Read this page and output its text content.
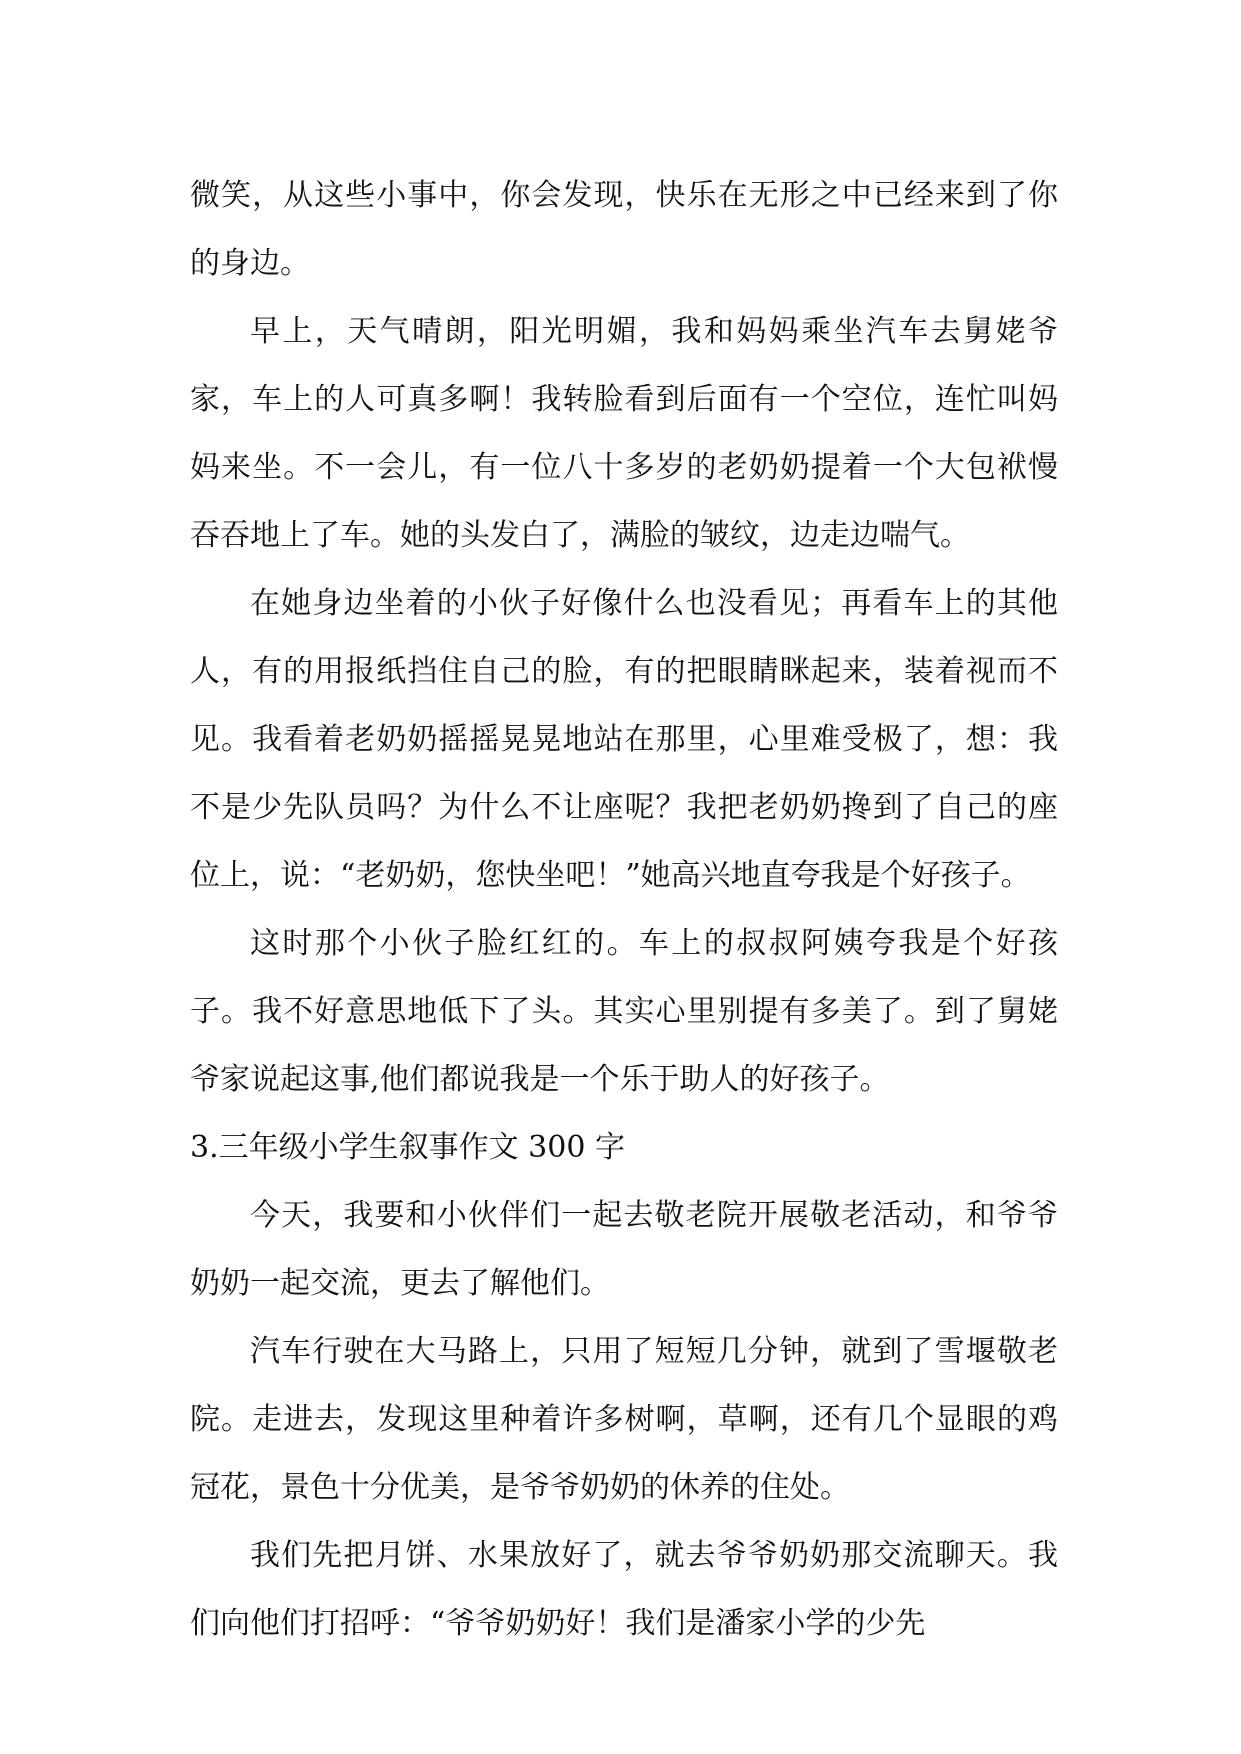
微笑，从这些小事中，你会发现，快乐在无形之中已经来到了你的身边。

早上，天气晴朗，阳光明媚，我和妈妈乘坐汽车去舅姥爷家，车上的人可真多啊！我转脸看到后面有一个空位，连忙叫妈妈来坐。不一会儿，有一位八十多岁的老奶奶提着一个大包袱慢吞吞地上了车。她的头发白了，满脸的皱纹，边走边喘气。

在她身边坐着的小伙子好像什么也没看见；再看车上的其他人，有的用报纸挡住自己的脸，有的把眼睛眯起来，装着视而不见。我看着老奶奶摇摇晃晃地站在那里，心里难受极了，想：我不是少先队员吗？为什么不让座呢？我把老奶奶搀到了自己的座位上，说：“老奶奶，您快坐吧！”她高兴地直夸我是个好孩子。

这时那个小伙子脸红红的。车上的叔叔阿姨夸我是个好孩子。我不好意思地低下了头。其实心里别提有多美了。到了舅姥爷家说起这事,他们都说我是一个乐于助人的好孩子。

3.三年级小学生叙事作文 300 字

今天，我要和小伙伴们一起去敬老院开展敬老活动，和爷爷奶奶一起交流，更去了解他们。

汽车行驶在大马路上，只用了短短几分钟，就到了雪堰敬老院。走进去，发现这里种着许多树啊，草啊，还有几个显眼的鸡冠花，景色十分优美，是爷爷奶奶的休养的住处。

我们先把月饼、水果放好了，就去爷爷奶奶那交流聊天。我们向他们打招呼：“爷爷奶奶好！我们是潘家小学的少先
